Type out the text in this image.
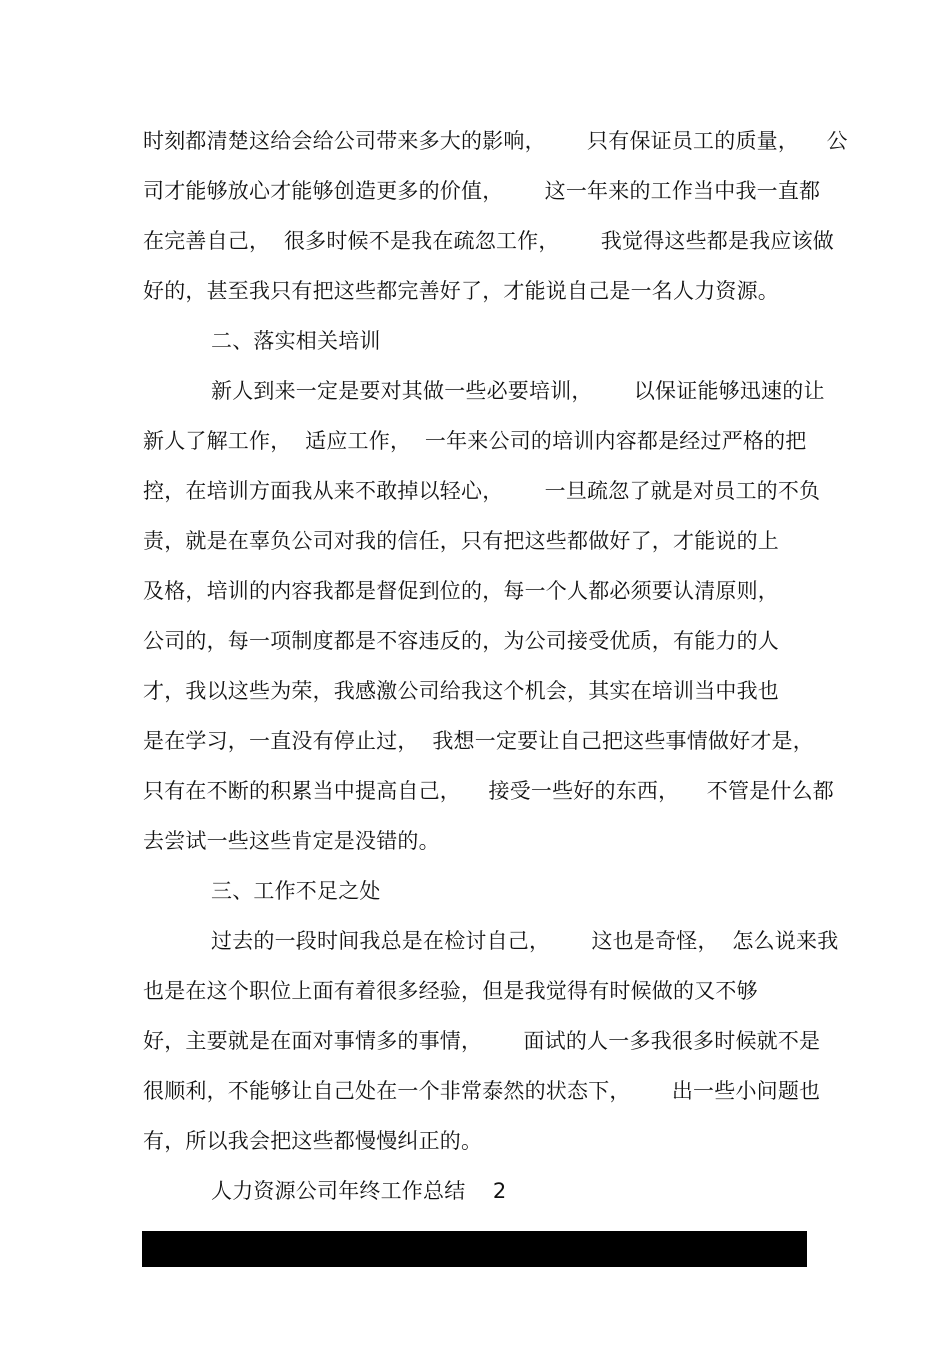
时刻都清楚这给会给公司带来多大的影响，      只有保证员工的质量，    公
司才能够放心才能够创造更多的价值，      这一年来的工作当中我一直都
在完善自己，  很多时候不是我在疏忽工作，      我觉得这些都是我应该做
好的，甚至我只有把这些都完善好了，才能说自己是一名人力资源。
二、落实相关培训
新人到来一定是要对其做一些必要培训，      以保证能够迅速的让
新人了解工作，  适应工作，  一年来公司的培训内容都是经过严格的把
控，在培训方面我从来不敢掉以轻心，      一旦疏忽了就是对员工的不负
责，就是在辜负公司对我的信任，只有把这些都做好了，才能说的上
及格，培训的内容我都是督促到位的，每一个人都必须要认清原则，
公司的，每一项制度都是不容违反的，为公司接受优质，有能力的人
才，我以这些为荣，我感激公司给我这个机会，其实在培训当中我也
是在学习，一直没有停止过，  我想一定要让自己把这些事情做好才是，
只有在不断的积累当中提高自己，    接受一些好的东西，    不管是什么都
去尝试一些这些肯定是没错的。
三、工作不足之处
过去的一段时间我总是在检讨自己，      这也是奇怪，  怎么说来我
也是在这个职位上面有着很多经验，但是我觉得有时候做的又不够
好，主要就是在面对事情多的事情，      面试的人一多我很多时候就不是
很顺利，不能够让自己处在一个非常泰然的状态下，      出一些小问题也
有，所以我会把这些都慢慢纠正的。
人力资源公司年终工作总结    2
